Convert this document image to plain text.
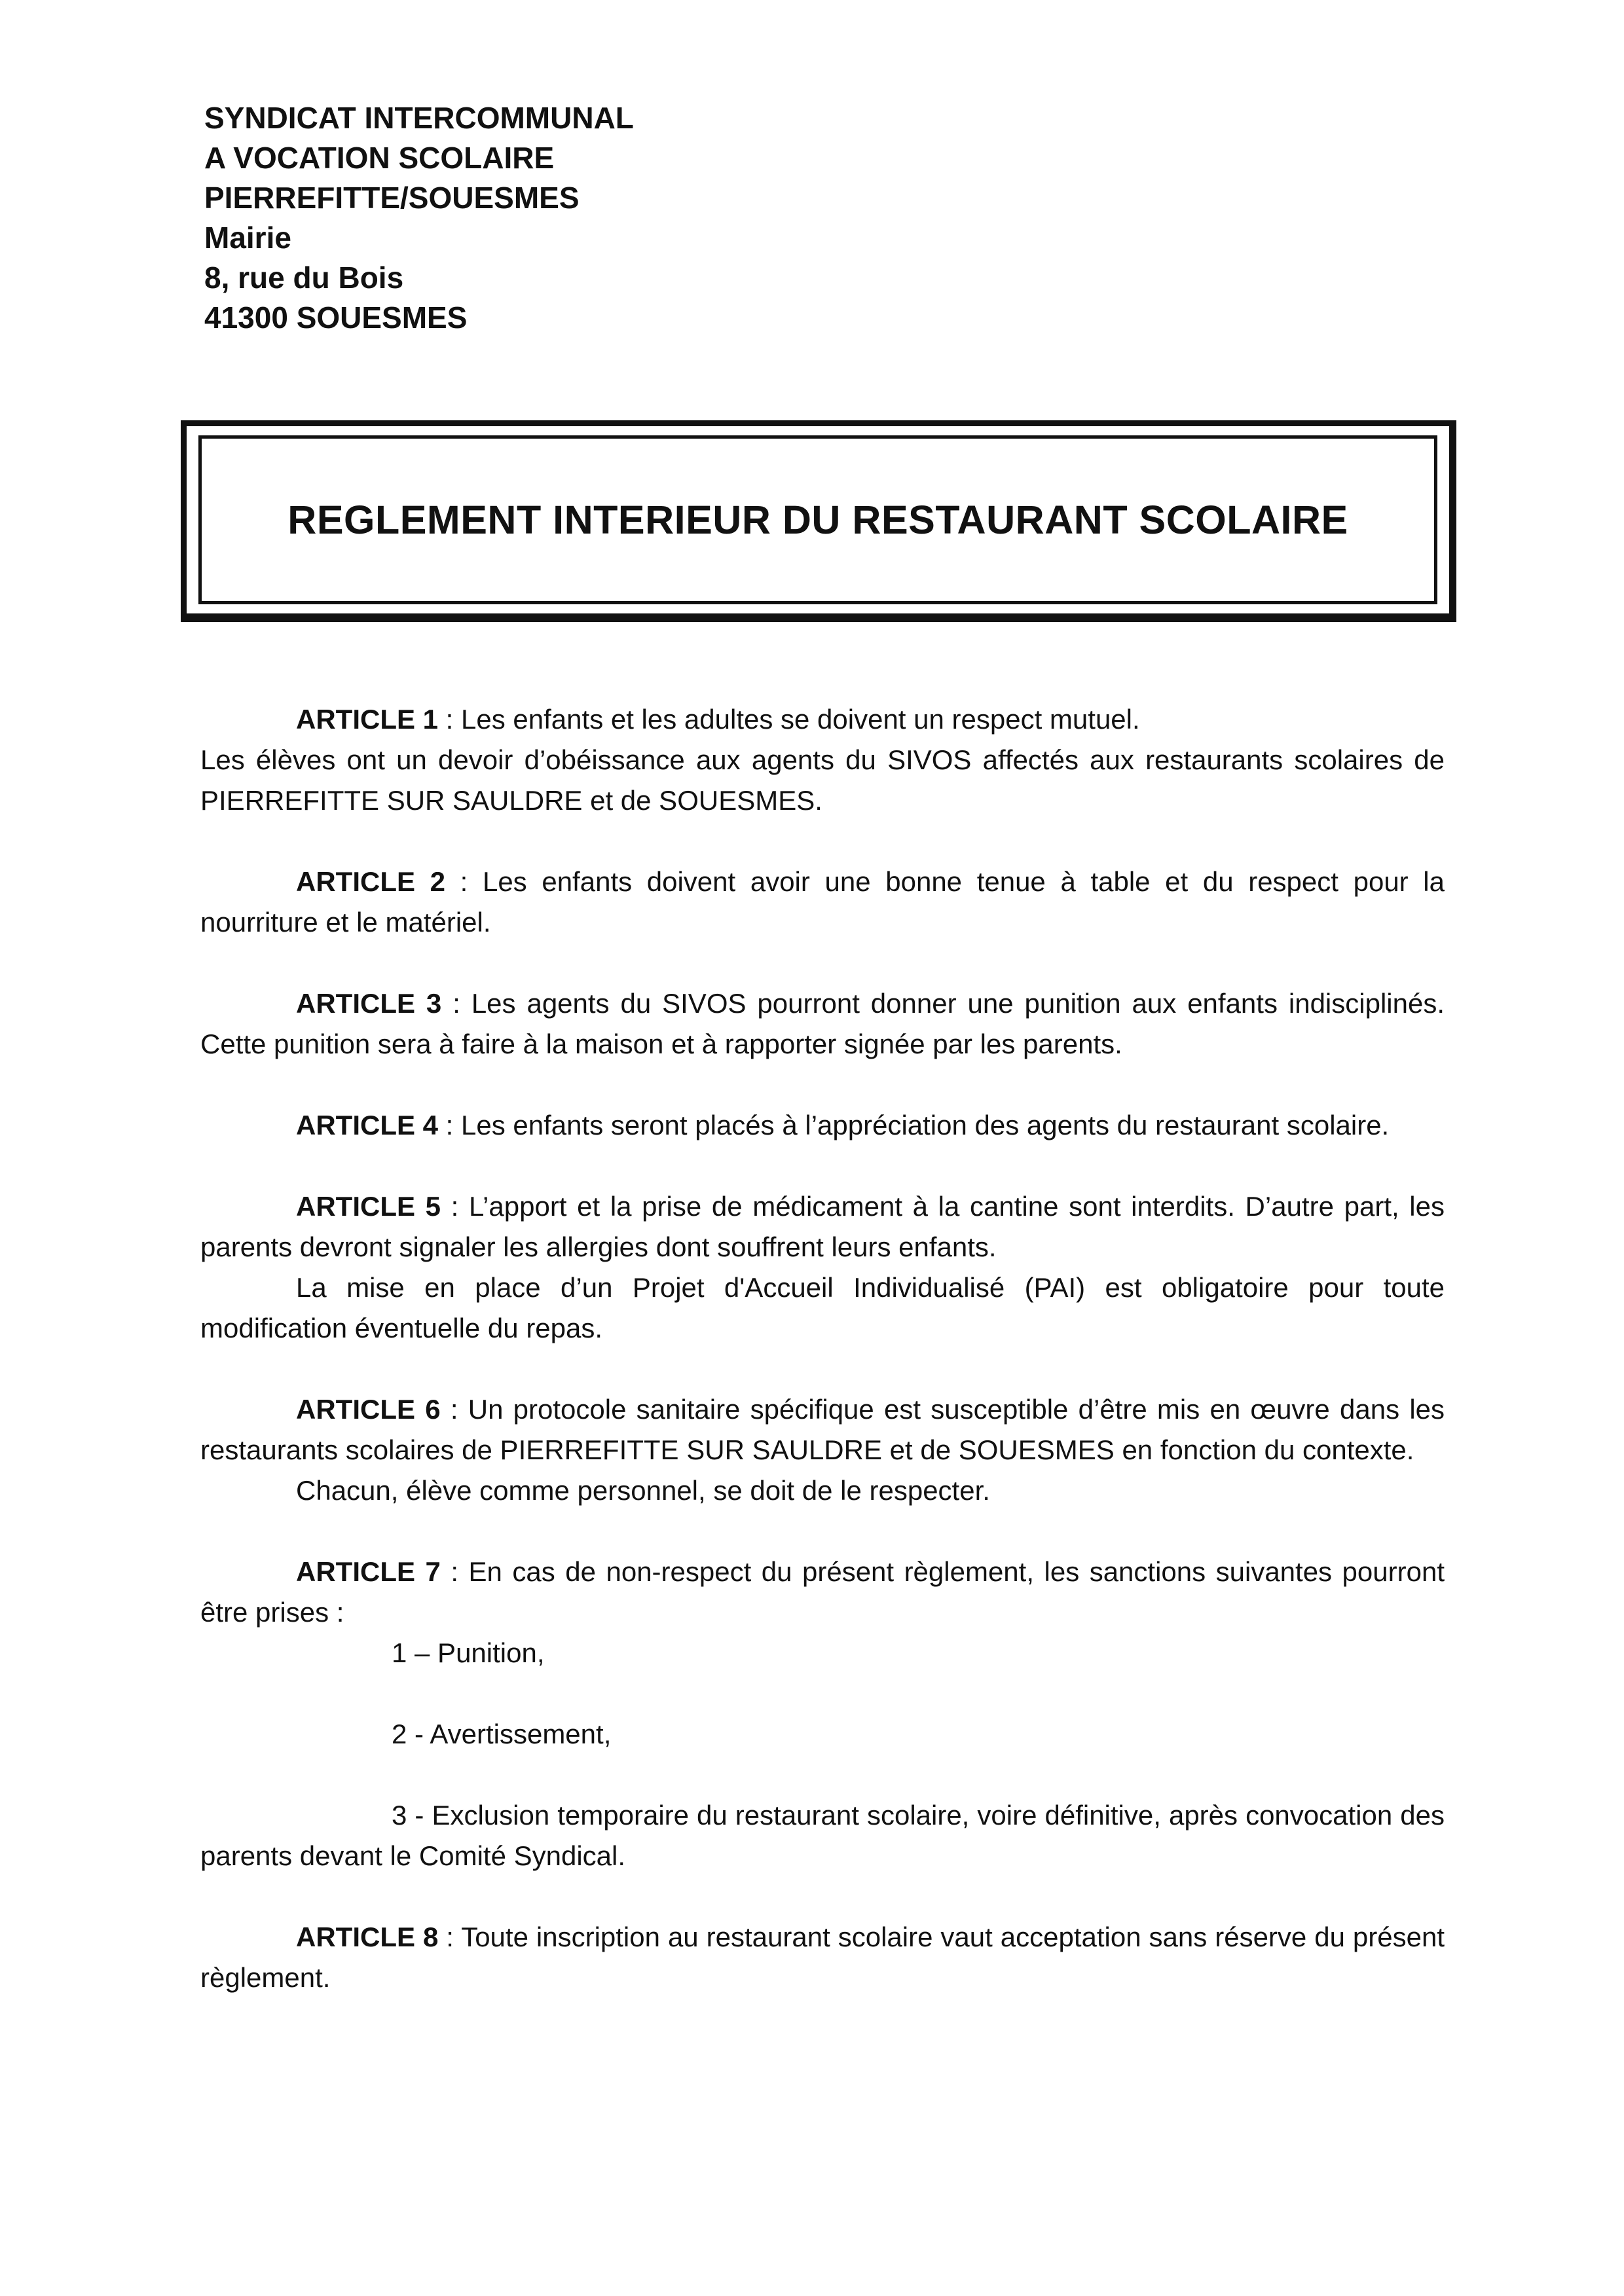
SYNDICAT INTERCOMMUNAL
A VOCATION SCOLAIRE
PIERREFITTE/SOUESMES
Mairie
8, rue du Bois
41300 SOUESMES
REGLEMENT INTERIEUR DU RESTAURANT SCOLAIRE
ARTICLE 1 : Les enfants et les adultes se doivent un respect mutuel.
Les élèves ont un devoir d’obéissance aux agents du SIVOS affectés aux restaurants scolaires de PIERREFITTE SUR SAULDRE et de SOUESMES.
ARTICLE 2 : Les enfants doivent avoir une bonne tenue à table et du respect pour la nourriture et le matériel.
ARTICLE 3 : Les agents du SIVOS pourront donner une punition aux enfants indisciplinés. Cette punition sera à faire à la maison et à rapporter signée par les parents.
ARTICLE 4 : Les enfants seront placés à l’appréciation des agents du restaurant scolaire.
ARTICLE 5 : L’apport et la prise de médicament à la cantine sont interdits. D’autre part, les parents devront signaler les allergies dont souffrent leurs enfants.
La mise en place d’un Projet d'Accueil Individualisé (PAI) est obligatoire pour toute modification éventuelle du repas.
ARTICLE 6 : Un protocole sanitaire spécifique est susceptible d’être mis en œuvre dans les restaurants scolaires de PIERREFITTE SUR SAULDRE et de SOUESMES en fonction du contexte.
Chacun, élève comme personnel, se doit de le respecter.
ARTICLE 7 : En cas de non-respect du présent règlement, les sanctions suivantes pourront être prises :
1 – Punition,
2 - Avertissement,
3 - Exclusion temporaire du restaurant scolaire, voire définitive, après convocation des parents devant le Comité Syndical.
ARTICLE 8 : Toute inscription au restaurant scolaire vaut acceptation sans réserve du présent règlement.
